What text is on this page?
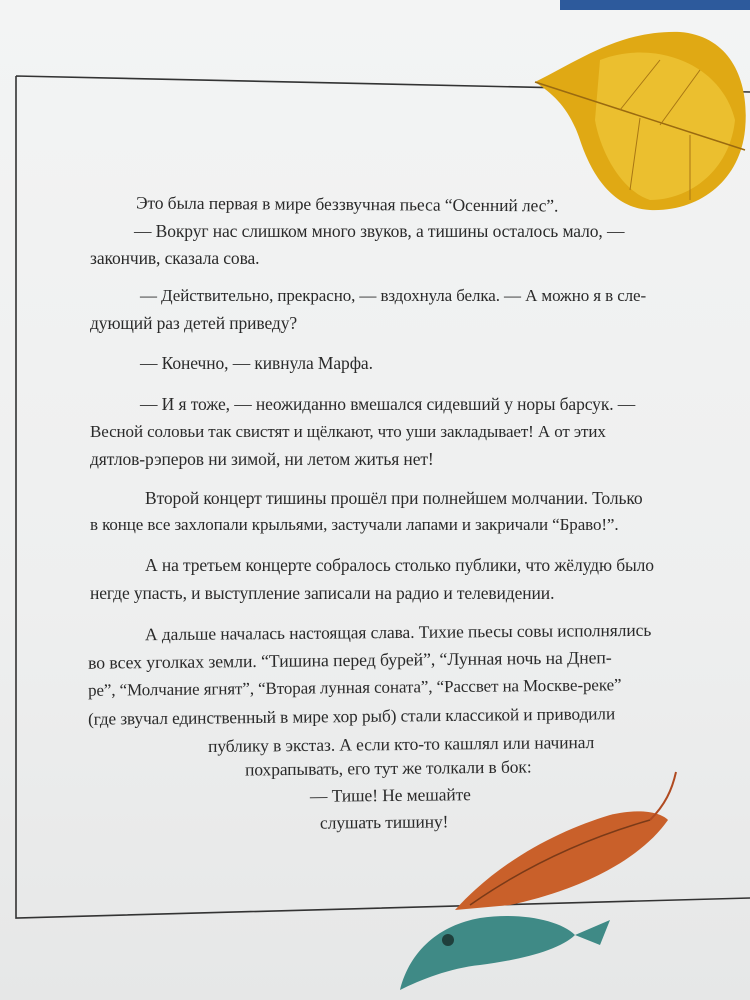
Это была первая в мире беззвучная пьеса “Осенний лес”.
— Вокруг нас слишком много звуков, а тишины осталось мало, —
закончив, сказала сова.
— Действительно, прекрасно, — вздохнула белка. — А можно я в сле-
дующий раз детей приведу?
— Конечно, — кивнула Марфа.
— И я тоже, — неожиданно вмешался сидевший у норы барсук. —
Весной соловьи так свистят и щёлкают, что уши закладывает! А от этих
дятлов-рэперов ни зимой, ни летом житья нет!
Второй концерт тишины прошёл при полнейшем молчании. Только
в конце все захлопали крыльями, застучали лапами и закричали “Браво!”.
А на третьем концерте собралось столько публики, что жёлудю было
негде упасть, и выступление записали на радио и телевидении.
А дальше началась настоящая слава. Тихие пьесы совы исполнялись
во всех уголках земли. “Тишина перед бурей”, “Лунная ночь на Днеп-
ре”, “Молчание ягнят”, “Вторая лунная соната”, “Рассвет на Москве-реке”
(где звучал единственный в мире хор рыб) стали классикой и приводили
публику в экстаз. А если кто-то кашлял или начинал
похрапывать, его тут же толкали в бок:
— Тише! Не мешайте
слушать тишину!
